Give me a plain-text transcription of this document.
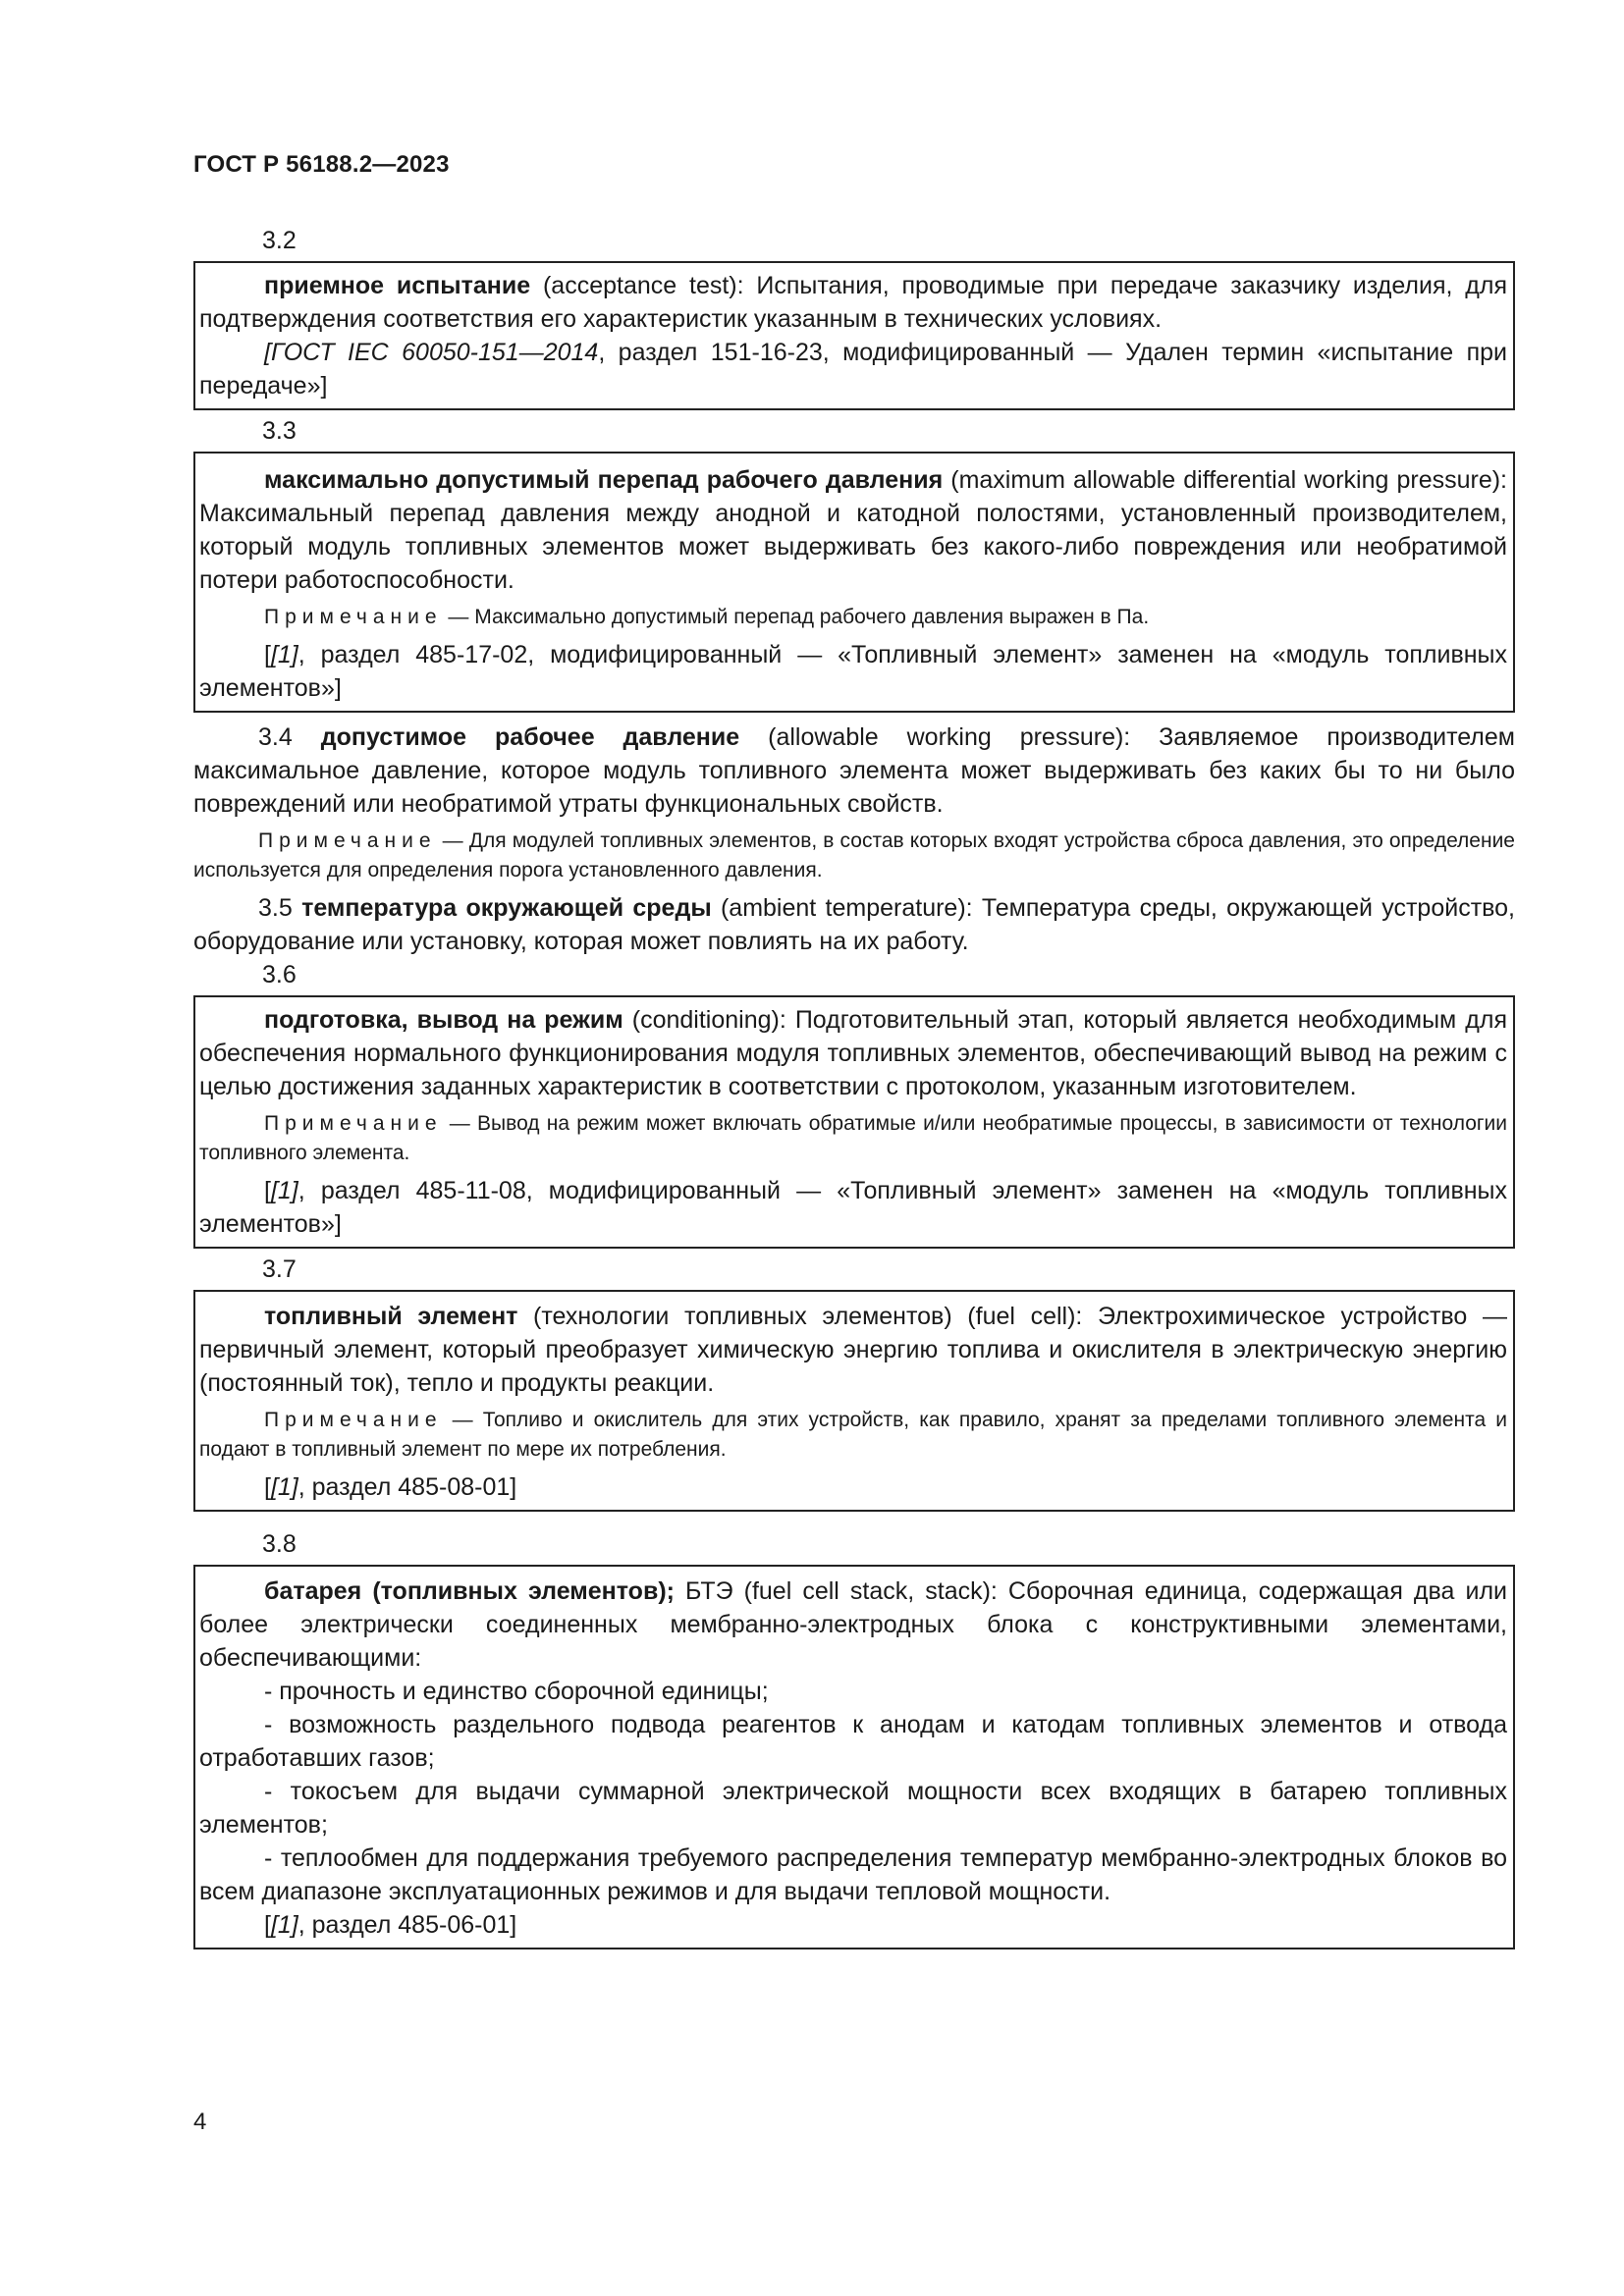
ГОСТ Р 56188.2—2023

3.2

приемное испытание (acceptance test): Испытания, проводимые при передаче заказчику изделия, для подтверждения соответствия его характеристик указанным в технических условиях.

[ГОСТ IEC 60050-151—2014, раздел 151-16-23, модифицированный — Удален термин «испытание при передаче»]

3.3

максимально допустимый перепад рабочего давления (maximum allowable differential working pressure): Максимальный перепад давления между анодной и катодной полостями, установленный производителем, который модуль топливных элементов может выдерживать без какого-либо повреждения или необратимой потери работоспособности.

Примечание — Максимально допустимый перепад рабочего давления выражен в Па.

[[1], раздел 485-17-02, модифицированный — «Топливный элемент» заменен на «модуль топливных элементов»]

3.4 допустимое рабочее давление (allowable working pressure): Заявляемое производителем максимальное давление, которое модуль топливного элемента может выдерживать без каких бы то ни было повреждений или необратимой утраты функциональных свойств.

Примечание — Для модулей топливных элементов, в состав которых входят устройства сброса давления, это определение используется для определения порога установленного давления.

3.5 температура окружающей среды (ambient temperature): Температура среды, окружающей устройство, оборудование или установку, которая может повлиять на их работу.

3.6

подготовка, вывод на режим (conditioning): Подготовительный этап, который является необходимым для обеспечения нормального функционирования модуля топливных элементов, обеспечивающий вывод на режим с целью достижения заданных характеристик в соответствии с протоколом, указанным изготовителем.

Примечание — Вывод на режим может включать обратимые и/или необратимые процессы, в зависимости от технологии топливного элемента.

[[1], раздел 485-11-08, модифицированный — «Топливный элемент» заменен на «модуль топливных элементов»]

3.7

топливный элемент (технологии топливных элементов) (fuel cell): Электрохимическое устройство — первичный элемент, который преобразует химическую энергию топлива и окислителя в электрическую энергию (постоянный ток), тепло и продукты реакции.

Примечание — Топливо и окислитель для этих устройств, как правило, хранят за пределами топливного элемента и подают в топливный элемент по мере их потребления.

[[1], раздел 485-08-01]

3.8

батарея (топливных элементов); БТЭ (fuel cell stack, stack): Сборочная единица, содержащая два или более электрически соединенных мембранно-электродных блока с конструктивными элементами, обеспечивающими:

- прочность и единство сборочной единицы;

- возможность раздельного подвода реагентов к анодам и катодам топливных элементов и отвода отработавших газов;

- токосъем для выдачи суммарной электрической мощности всех входящих в батарею топливных элементов;

- теплообмен для поддержания требуемого распределения температур мембранно-электродных блоков во всем диапазоне эксплуатационных режимов и для выдачи тепловой мощности.

[[1], раздел 485-06-01]

4
